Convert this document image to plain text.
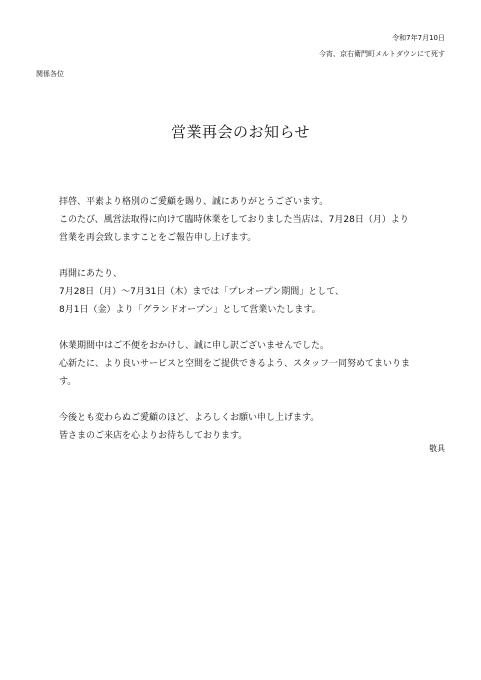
令和7年7月10日
今宵、京右衛門町メルトダウンにて死す
関係各位
営業再会のお知らせ
拝啓、平素より格別のご愛顧を賜り、誠にありがとうございます。
このたび、風営法取得に向けて臨時休業をしておりました当店は、7月28日（月）より
営業を再会致しますことをご報告申し上げます。
再開にあたり、
7月28日（月）～7月31日（木）までは「プレオープン期間」として、
8月1日（金）より「グランドオープン」として営業いたします。
休業期間中はご不便をおかけし、誠に申し訳ございませんでした。
心新たに、より良いサービスと空間をご提供できるよう、スタッフ一同努めてまいりま
す。
今後とも変わらぬご愛顧のほど、よろしくお願い申し上げます。
皆さまのご来店を心よりお待ちしております。
敬具
